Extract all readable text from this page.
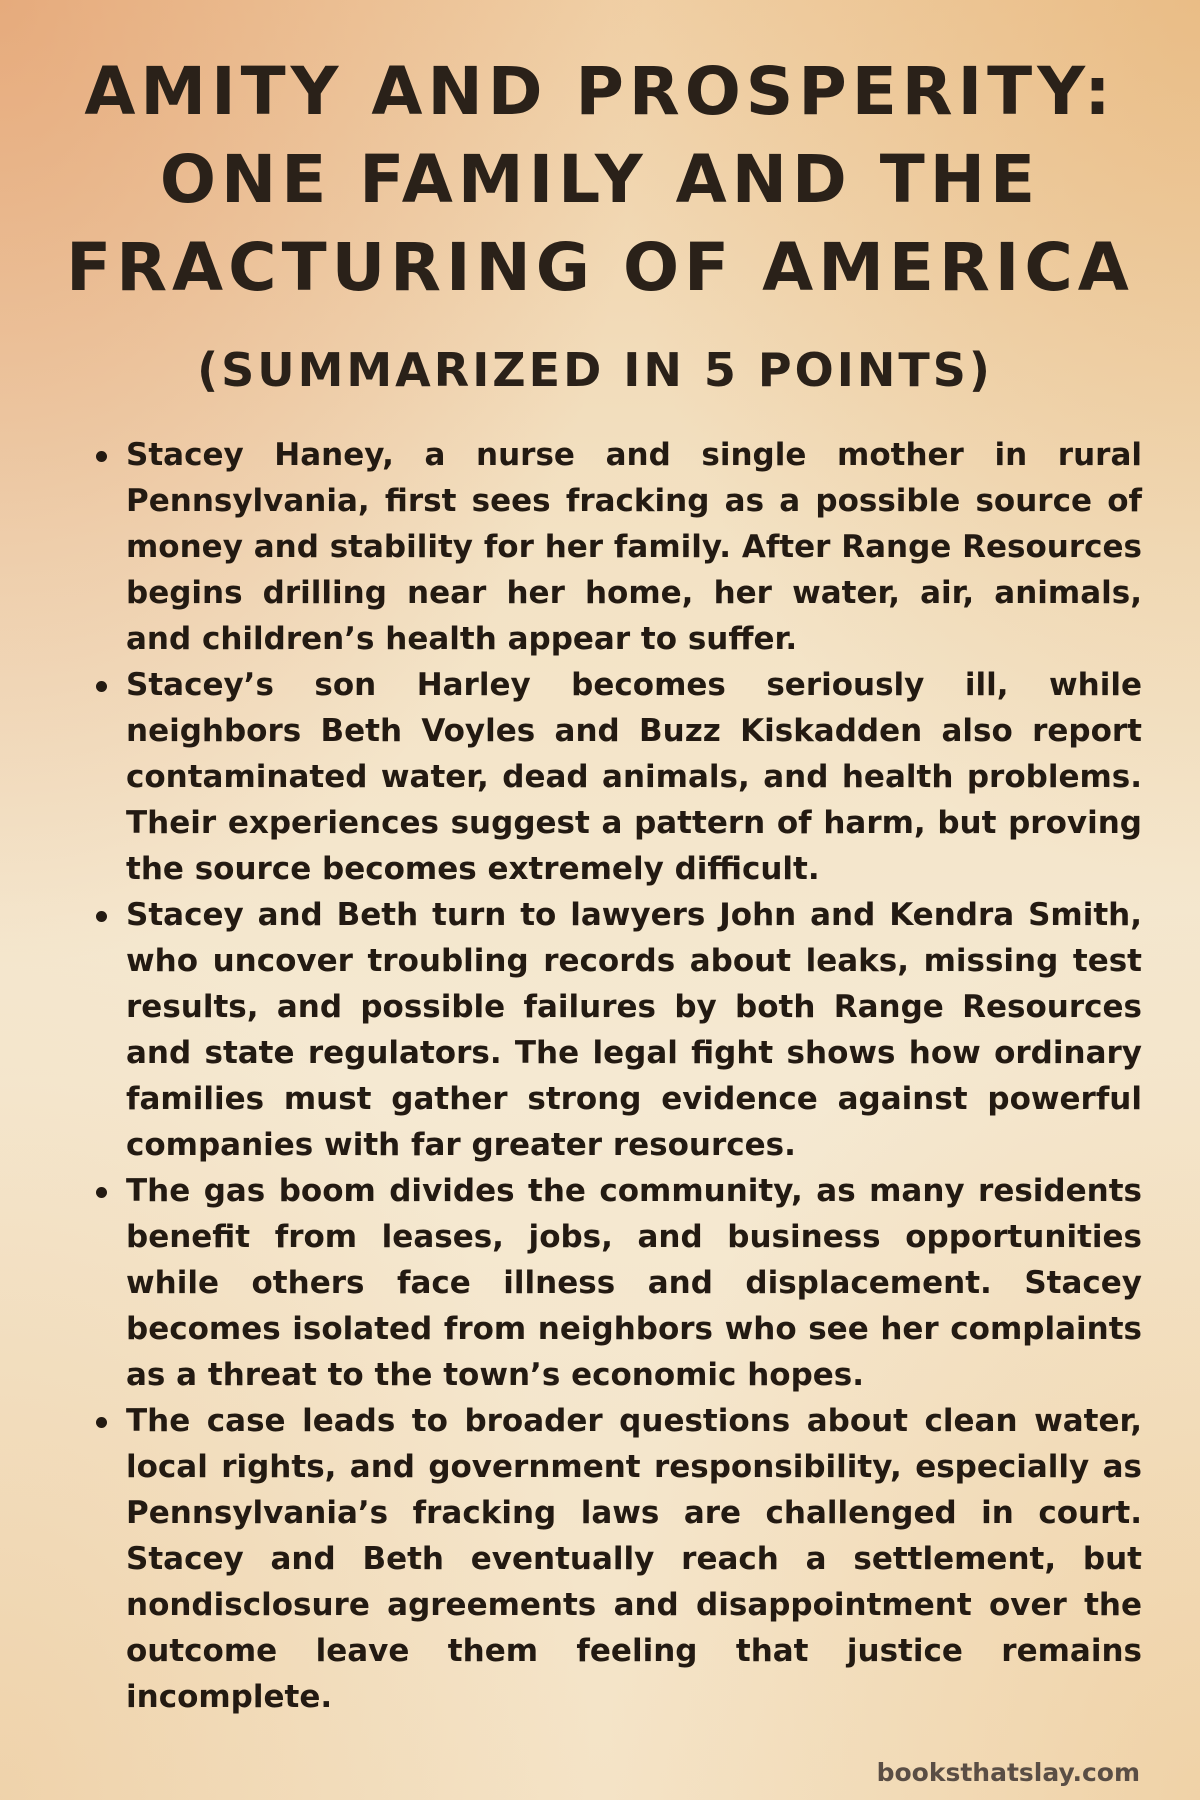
AMITY AND PROSPERITY:
ONE FAMILY AND THE
FRACTURING OF AMERICA
(SUMMARIZED IN 5 POINTS)
Stacey Haney, a nurse and single mother in rural Pennsylvania, first sees fracking as a possible source of money and stability for her family. After Range Resources begins drilling near her home, her water, air, animals, and children’s health appear to suffer.
Stacey’s son Harley becomes seriously ill, while neighbors Beth Voyles and Buzz Kiskadden also report contaminated water, dead animals, and health problems. Their experiences suggest a pattern of harm, but proving the source becomes extremely difficult.
Stacey and Beth turn to lawyers John and Kendra Smith, who uncover troubling records about leaks, missing test results, and possible failures by both Range Resources and state regulators. The legal fight shows how ordinary families must gather strong evidence against powerful companies with far greater resources.
The gas boom divides the community, as many residents benefit from leases, jobs, and business opportunities while others face illness and displacement. Stacey becomes isolated from neighbors who see her complaints as a threat to the town’s economic hopes.
The case leads to broader questions about clean water, local rights, and government responsibility, especially as Pennsylvania’s fracking laws are challenged in court. Stacey and Beth eventually reach a settlement, but nondisclosure agreements and disappointment over the outcome leave them feeling that justice remains incomplete.
booksthatslay.com
